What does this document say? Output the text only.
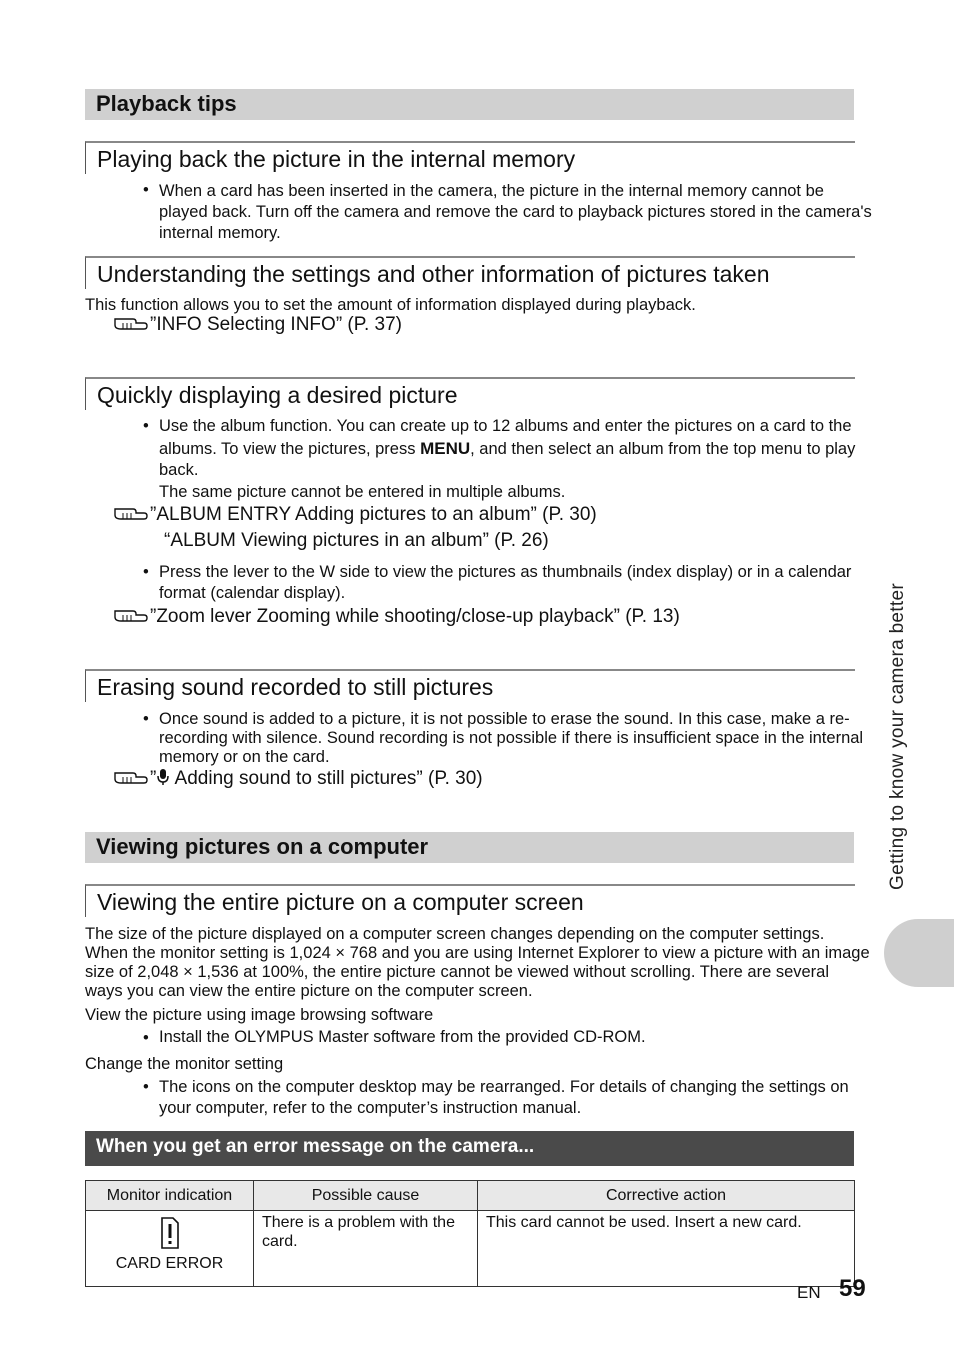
Playback tips
Playing back the picture in the internal memory
• When a card has been inserted in the camera, the picture in the internal memory cannot be played back. Turn off the camera and remove the card to playback pictures stored in the camera's internal memory.
Understanding the settings and other information of pictures taken
This function allows you to set the amount of information displayed during playback.
”INFO Selecting INFO” (P. 37)
Quickly displaying a desired picture
• Use the album function. You can create up to 12 albums and enter the pictures on a card to the albums. To view the pictures, press MENU, and then select an album from the top menu to play back.
The same picture cannot be entered in multiple albums.
”ALBUM ENTRY Adding pictures to an album” (P. 30)
“ALBUM Viewing pictures in an album” (P. 26)
• Press the lever to the W side to view the pictures as thumbnails (index display) or in a calendar format (calendar display).
”Zoom lever Zooming while shooting/close-up playback” (P. 13)
Erasing sound recorded to still pictures
• Once sound is added to a picture, it is not possible to erase the sound. In this case, make a re-recording with silence. Sound recording is not possible if there is insufficient space in the internal memory or on the card.
” Adding sound to still pictures” (P. 30)
Viewing pictures on a computer
Viewing the entire picture on a computer screen
The size of the picture displayed on a computer screen changes depending on the computer settings. When the monitor setting is 1,024 × 768 and you are using Internet Explorer to view a picture with an image size of 2,048 × 1,536 at 100%, the entire picture cannot be viewed without scrolling. There are several ways you can view the entire picture on the computer screen.
View the picture using image browsing software
• Install the OLYMPUS Master software from the provided CD-ROM.
Change the monitor setting
• The icons on the computer desktop may be rearranged. For details of changing the settings on your computer, refer to the computer’s instruction manual.
When you get an error message on the camera...
Monitor indication	Possible cause	Corrective action

CARD ERROR	There is a problem with the card.	This card cannot be used. Insert a new card.
Getting to know your camera better
EN 59
